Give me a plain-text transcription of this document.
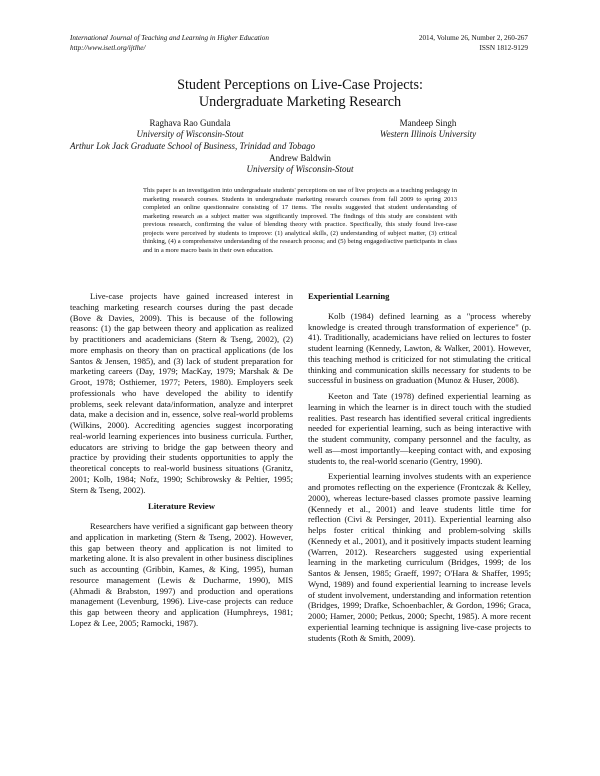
International Journal of Teaching and Learning in Higher Education
http://www.isetl.org/ijtlhe/
2014, Volume 26, Number 2, 260-267
ISSN 1812-9129
Student Perceptions on Live-Case Projects:
Undergraduate Marketing Research
Raghava Rao Gundala
University of Wisconsin-Stout
Arthur Lok Jack Graduate School of Business, Trinidad and Tobago
Mandeep Singh
Western Illinois University
Andrew Baldwin
University of Wisconsin-Stout
This paper is an investigation into undergraduate students' perceptions on use of live projects as a teaching pedagogy in marketing research courses. Students in undergraduate marketing research courses from fall 2009 to spring 2013 completed an online questionnaire consisting of 17 items. The results suggested that student understanding of marketing research as a subject matter was significantly improved. The findings of this study are consistent with previous research, confirming the value of blending theory with practice. Specifically, this study found live-case projects were perceived by students to improve: (1) analytical skills, (2) understanding of subject matter, (3) critical thinking, (4) a comprehensive understanding of the research process; and (5) being engaged/active participants in class and in a more macro basis in their own education.

Live-case projects have gained increased interest in teaching marketing research courses during the past decade (Bove & Davies, 2009). This is because of the following reasons: (1) the gap between theory and application as realized by practitioners and academicians (Stern & Tseng, 2002), (2) more emphasis on theory than on practical applications (de los Santos & Jensen, 1985), and (3) lack of student preparation for marketing careers (Day, 1979; MacKay, 1979; Marshak & De Groot, 1978; Osthiemer, 1977; Peters, 1980). Employers seek professionals who have developed the ability to identify problems, seek relevant data/information, analyze and interpret data, make a decision and in, essence, solve real-world problems (Wilkins, 2000). Accrediting agencies suggest incorporating real-world learning experiences into business curricula. Further, educators are striving to bridge the gap between theory and practice by providing their students opportunities to apply the theoretical concepts to real-world business situations (Granitz, 2001; Kolb, 1984; Nofz, 1990; Schibrowsky & Peltier, 1995; Stern & Tseng, 2002).

Literature Review

Researchers have verified a significant gap between theory and application in marketing (Stern & Tseng, 2002). However, this gap between theory and application is not limited to marketing alone. It is also prevalent in other business disciplines such as accounting (Gribbin, Kames, & King, 1995), human resource management (Lewis & Ducharme, 1990), MIS (Ahmadi & Brabston, 1997) and production and operations management (Levenburg, 1996). Live-case projects can reduce this gap between theory and application (Humphreys, 1981; Lopez & Lee, 2005; Ramocki, 1987).

Experiential Learning

Kolb (1984) defined learning as a "process whereby knowledge is created through transformation of experience" (p. 41). Traditionally, academicians have relied on lectures to foster student learning (Kennedy, Lawton, & Walker, 2001). However, this teaching method is criticized for not stimulating the critical thinking and communication skills necessary for students to be successful in business on graduation (Munoz & Huser, 2008).

Keeton and Tate (1978) defined experiential learning as learning in which the learner is in direct touch with the studied realities. Past research has identified several critical ingredients needed for experiential learning, such as being interactive with the student community, company personnel and the faculty, as well as—most importantly—keeping contact with, and exposing students to, the real-world scenario (Gentry, 1990).

Experiential learning involves students with an experience and promotes reflecting on the experience (Frontczak & Kelley, 2000), whereas lecture-based classes promote passive learning (Kennedy et al., 2001) and leave students little time for reflection (Civi & Persinger, 2011). Experiential learning also helps foster critical thinking and problem-solving skills (Kennedy et al., 2001), and it positively impacts student learning (Warren, 2012). Researchers suggested using experiential learning in the marketing curriculum (Bridges, 1999; de los Santos & Jensen, 1985; Graeff, 1997; O'Hara & Shaffer, 1995; Wynd, 1989) and found experiential learning to increase levels of student involvement, understanding and information retention (Bridges, 1999; Drafke, Schoenbachler, & Gordon, 1996; Graca, 2000; Hamer, 2000; Petkus, 2000; Specht, 1985). A more recent experiential learning technique is assigning live-case projects to students (Roth & Smith, 2009).
